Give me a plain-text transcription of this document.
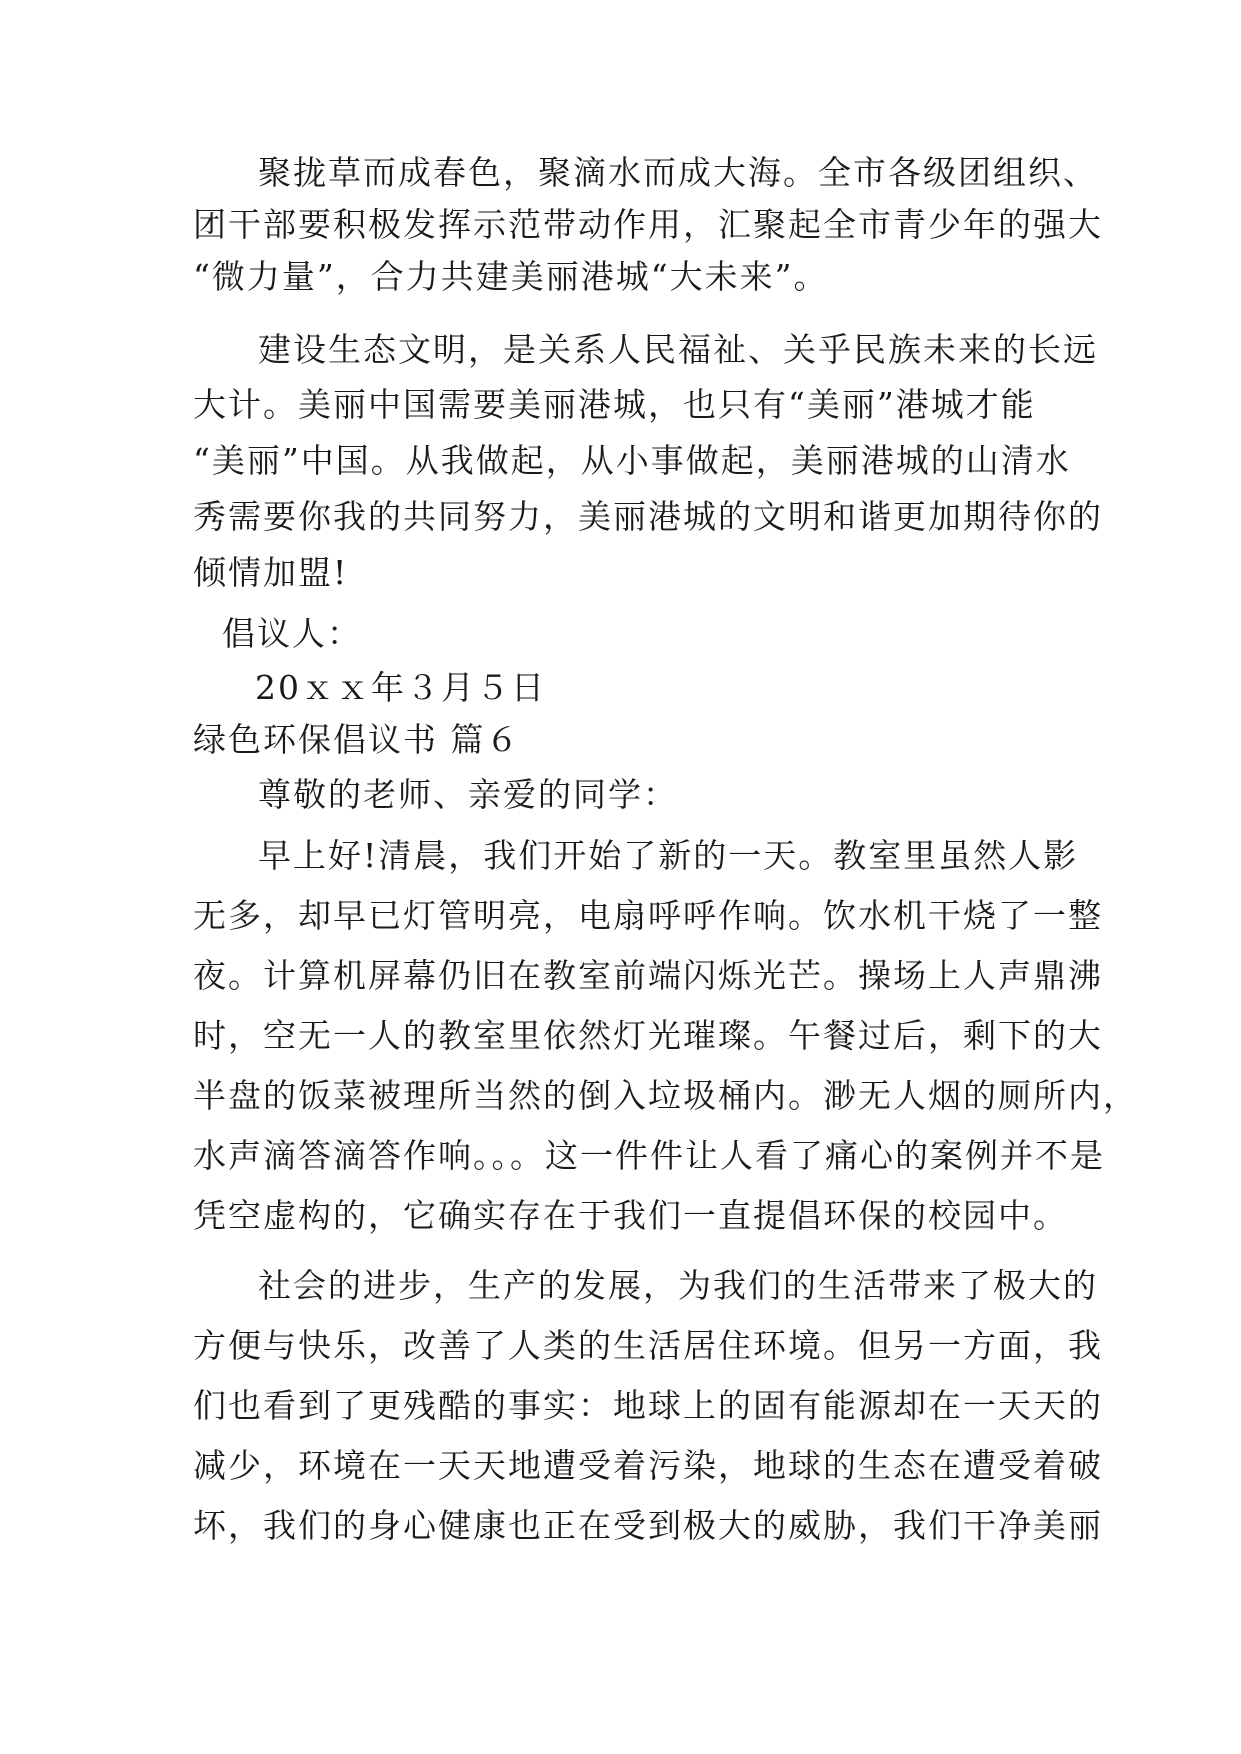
聚拢草而成春色，聚滴水而成大海。全市各级团组织、
团干部要积极发挥示范带动作用，汇聚起全市青少年的强大
“微力量”，合力共建美丽港城“大未来”。
建设生态文明，是关系人民福祉、关乎民族未来的长远
大计。美丽中国需要美丽港城，也只有“美丽”港城才能
“美丽”中国。从我做起，从小事做起，美丽港城的山清水
秀需要你我的共同努力，美丽港城的文明和谐更加期待你的
倾情加盟!
倡议人：
20ｘｘ年３月５日
绿色环保倡议书 篇６
尊敬的老师、亲爱的同学：
早上好!清晨，我们开始了新的一天。教室里虽然人影
无多，却早已灯管明亮，电扇呼呼作响。饮水机干烧了一整
夜。计算机屏幕仍旧在教室前端闪烁光芒。操场上人声鼎沸
时，空无一人的教室里依然灯光璀璨。午餐过后，剩下的大
半盘的饭菜被理所当然的倒入垃圾桶内。渺无人烟的厕所内，
水声滴答滴答作响。。。这一件件让人看了痛心的案例并不是
凭空虚构的，它确实存在于我们一直提倡环保的校园中。
社会的进步，生产的发展，为我们的生活带来了极大的
方便与快乐，改善了人类的生活居住环境。但另一方面，我
们也看到了更残酷的事实：地球上的固有能源却在一天天的
减少，环境在一天天地遭受着污染，地球的生态在遭受着破
坏，我们的身心健康也正在受到极大的威胁，我们干净美丽
